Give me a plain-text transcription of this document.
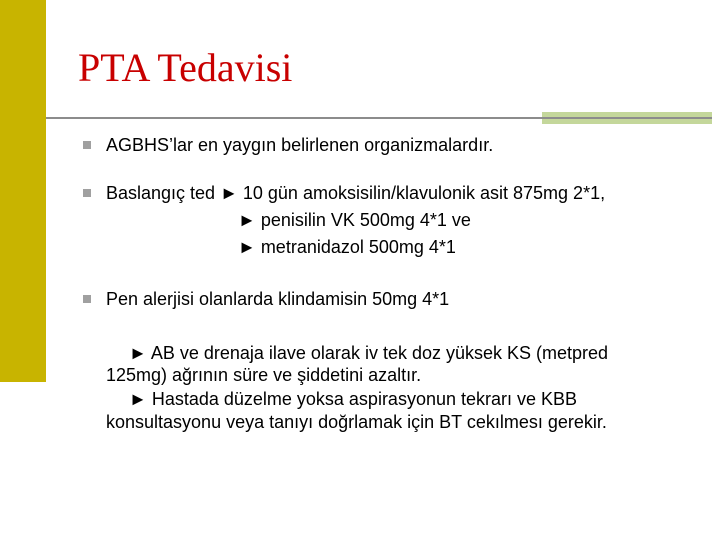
PTA Tedavisi
AGBHS’lar en yaygın belirlenen organizmalardır.
Baslangıç ted ► 10 gün amoksisilin/klavulonik asit 875mg 2*1,
► penisilin VK 500mg 4*1 ve
► metranidazol 500mg 4*1
Pen alerjisi olanlarda klindamisin 50mg 4*1
► AB ve drenaja ilave olarak iv tek doz yüksek KS (metpred
125mg) ağrının süre ve şiddetini azaltır.
► Hastada düzelme yoksa aspirasyonun tekrarı ve KBB
konsultasyonu veya tanıyı doğrlamak için BT cekılmesı gerekir.
